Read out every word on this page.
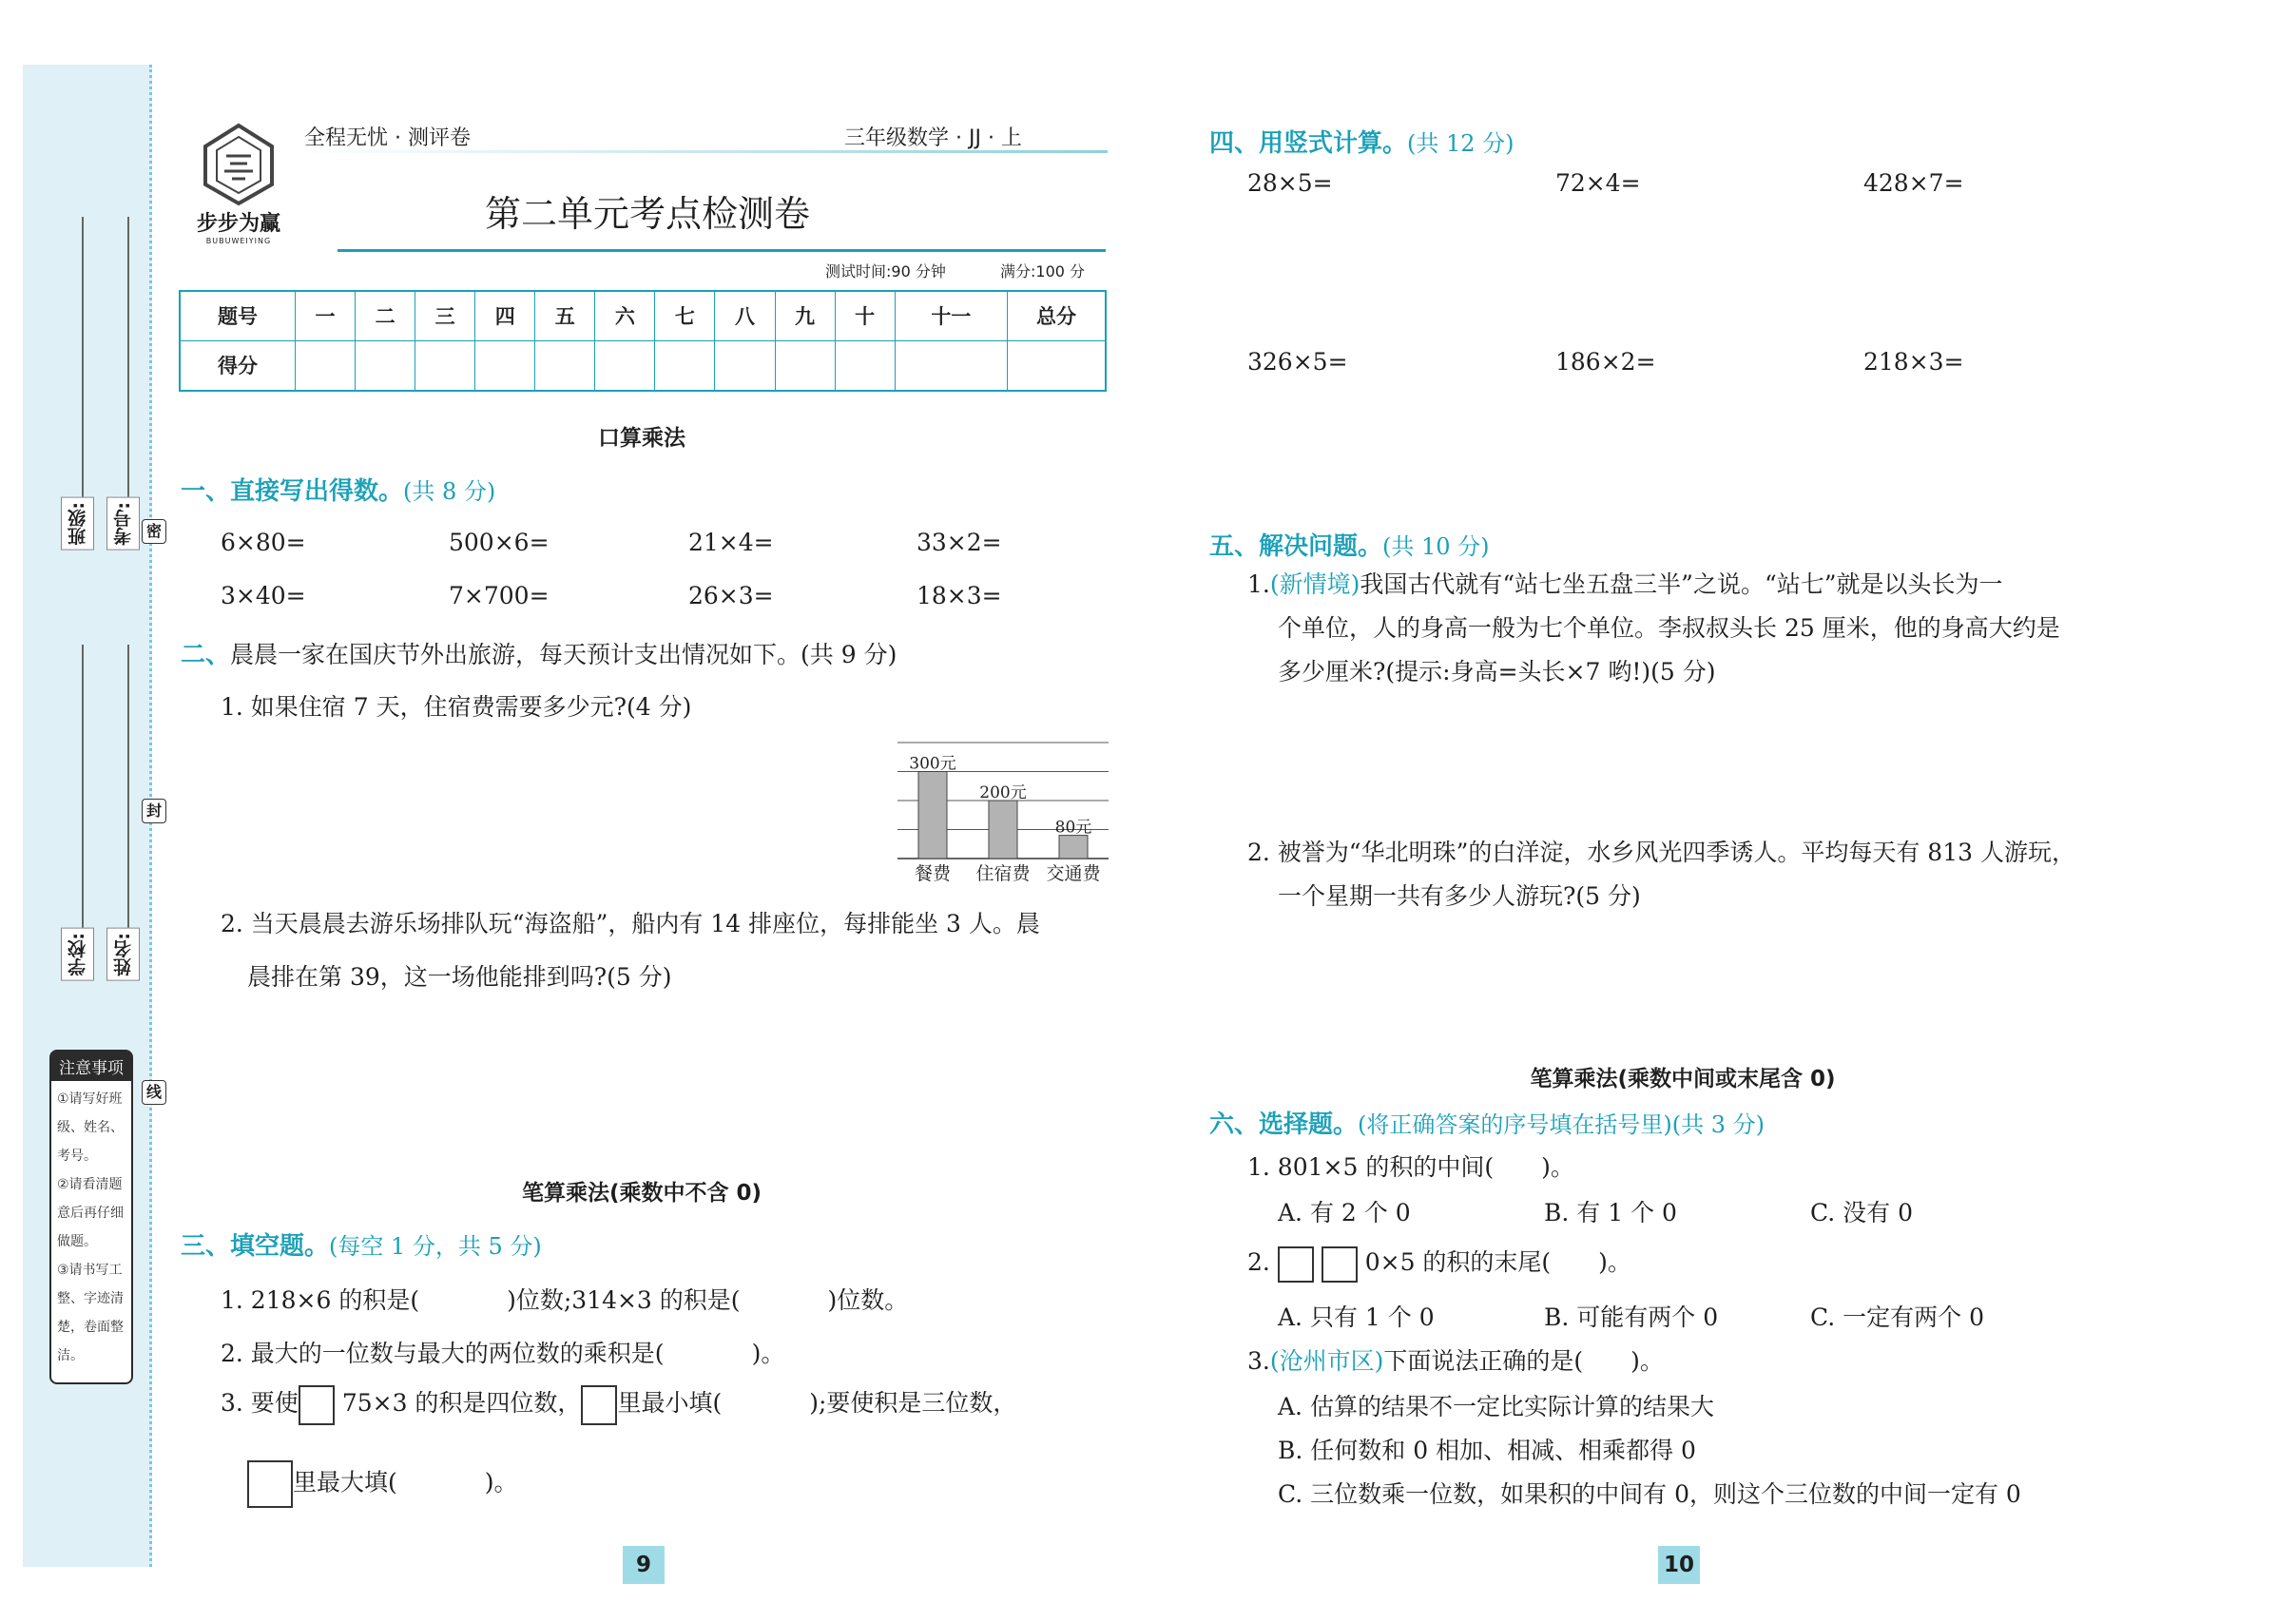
班级:	考号: 密
封
学校:	姓名:
线
注意事项
①请写好班级、姓名、考号。
②请看清题意后再仔细做题。
③请书写工整、字迹清楚，卷面整洁。
步步为赢
BUBUWEIYING
全程无忧 · 测评卷	三年级数学 · JJ · 上
第二单元考点检测卷
测试时间:90 分钟	满分:100 分
题号	一	二	三	四	五	六	七	八	九	十	十一	总分
得分												
口算乘法
一、直接写出得数。(共 8 分)
6×80=	500×6=	21×4=	33×2=
3×40=	7×700=	26×3=	18×3=
二、晨晨一家在国庆节外出旅游，每天预计支出情况如下。(共 9 分)
1. 如果住宿 7 天，住宿费需要多少元?(4 分)
300元
餐费
200元
住宿费
80元
交通费
2. 当天晨晨去游乐场排队玩“海盗船”，船内有 14 排座位，每排能坐 3 人。晨
晨排在第 39，这一场他能排到吗?(5 分)
笔算乘法(乘数中不含 0)
三、填空题。(每空 1 分，共 5 分)
1. 218×6 的积是(	)位数;314×3 的积是(	)位数。
2. 最大的一位数与最大的两位数的乘积是(	)。
3. 要使 75×3 的积是四位数， 里最小填(	);要使积是三位数，
里最大填(	)。
9
四、用竖式计算。(共 12 分)
28×5=	72×4=	428×7=
326×5=	186×2=	218×3=
五、解决问题。(共 10 分)
1.(新情境)我国古代就有“站七坐五盘三半”之说。“站七”就是以头长为一
个单位，人的身高一般为七个单位。李叔叔头长 25 厘米，他的身高大约是
多少厘米?(提示:身高=头长×7 哟!)(5 分)
2. 被誉为“华北明珠”的白洋淀，水乡风光四季诱人。平均每天有 813 人游玩，
一个星期一共有多少人游玩?(5 分)
笔算乘法(乘数中间或末尾含 0)
六、选择题。(将正确答案的序号填在括号里)(共 3 分)
1. 801×5 的积的中间(　　)。
A. 有 2 个 0	B. 有 1 个 0	C. 没有 0
2.	0×5 的积的末尾(　　)。
A. 只有 1 个 0	B. 可能有两个 0	C. 一定有两个 0
3.(沧州市区)下面说法正确的是(　　)。
A. 估算的结果不一定比实际计算的结果大
B. 任何数和 0 相加、相减、相乘都得 0
C. 三位数乘一位数，如果积的中间有 0，则这个三位数的中间一定有 0
10
